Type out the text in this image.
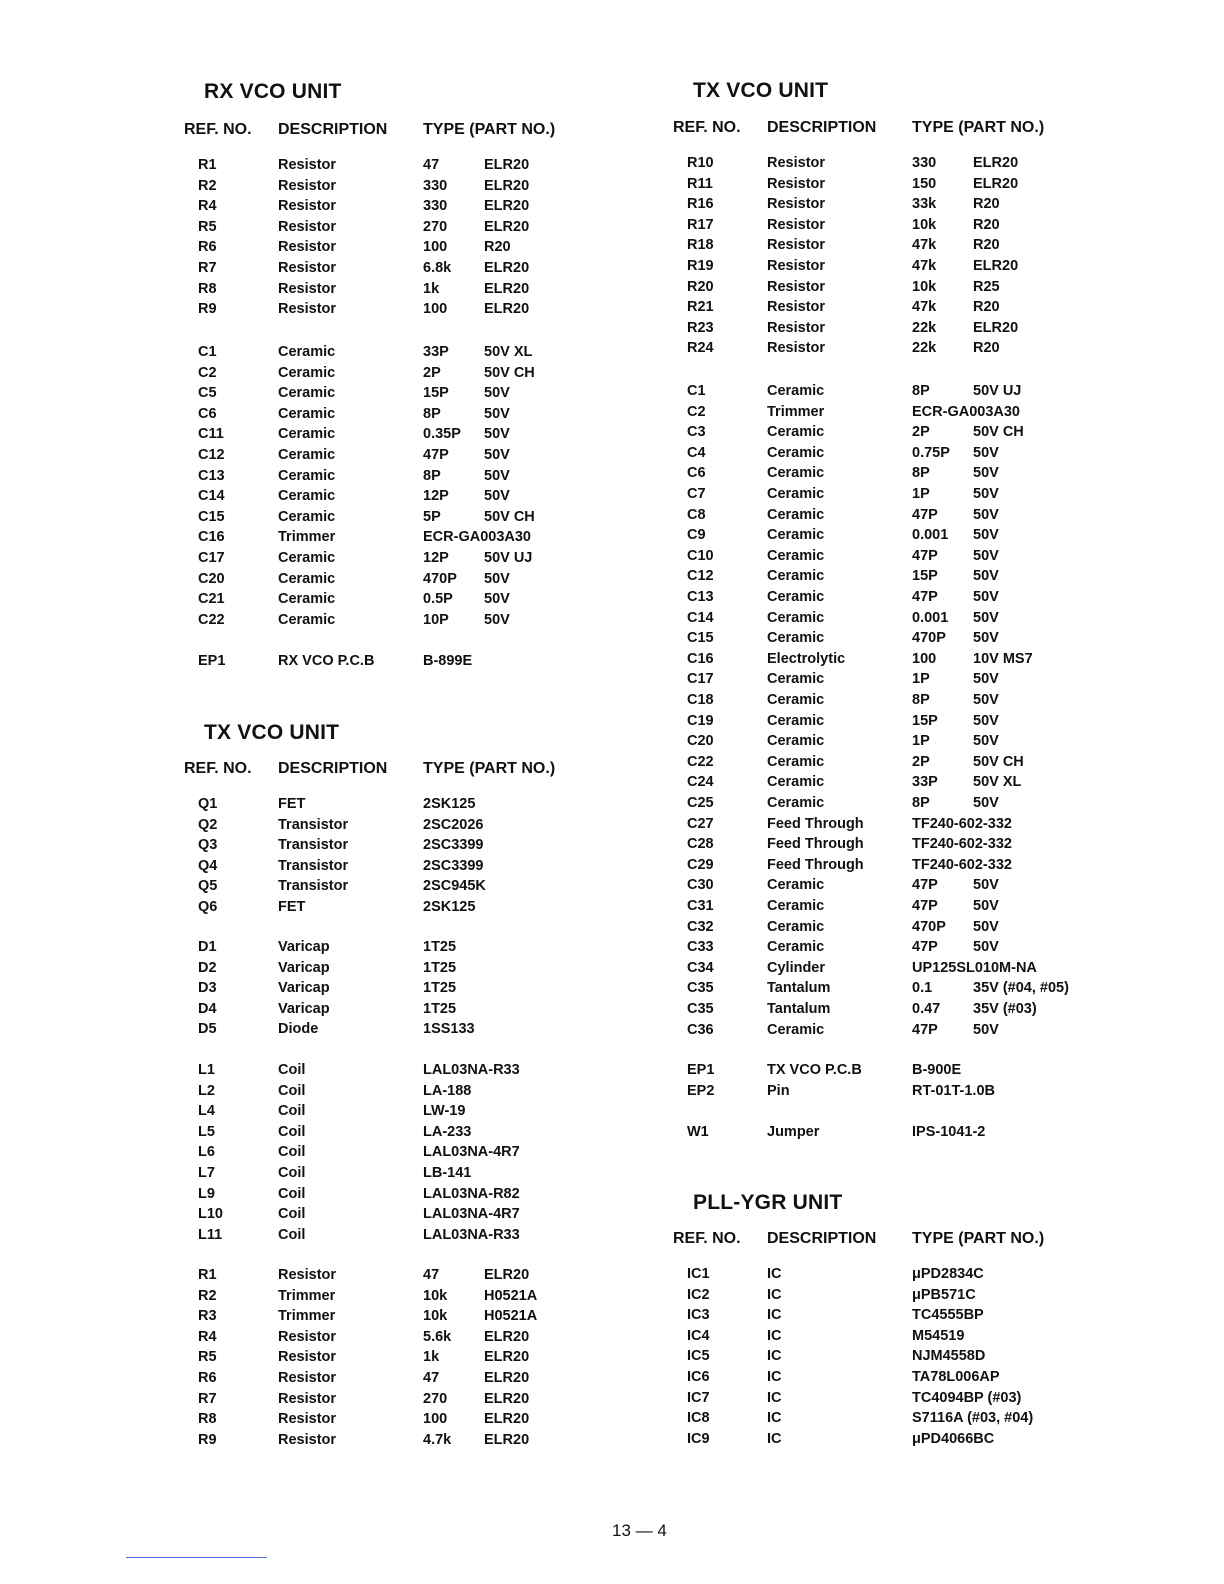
RX VCO UNIT
TX VCO UNIT
TX VCO UNIT
PLL-YGR UNIT
REF. NO. DESCRIPTION TYPE (PART NO.)
REF. NO. DESCRIPTION TYPE (PART NO.)
REF. NO. DESCRIPTION TYPE (PART NO.)
REF. NO. DESCRIPTION TYPE (PART NO.)
R1	Resistor	47	ELR20
R2	Resistor	330	ELR20
R4	Resistor	330	ELR20
R5	Resistor	270	ELR20
R6	Resistor	100	R20
R7	Resistor	6.8k ELR20
R8	Resistor	1k	ELR20
R9	Resistor	100	ELR20
C1	Ceramic	33P 50V XL
C2	Ceramic	2P	50V CH
C5	Ceramic	15P 50V
C6	Ceramic	8P	50V
C11	Ceramic	0.35P 50V
C12	Ceramic	47P 50V
C13	Ceramic	8P	50V
C14	Ceramic	12P 50V
C15	Ceramic	5P	50V CH
C16	Trimmer	ECR-GA003A30
C17	Ceramic	12P 50V UJ
C20	Ceramic	470P 50V
C21	Ceramic	0.5P 50V
C22	Ceramic	10P 50V
EP1	RX VCO P.C.B	B-899E
Q1	FET	2SK125
Q2	Transistor	2SC2026
Q3	Transistor	2SC3399
Q4	Transistor	2SC3399
Q5	Transistor	2SC945K
Q6	FET	2SK125
D1	Varicap	1T25
D2	Varicap	1T25
D3	Varicap	1T25
D4	Varicap	1T25
D5	Diode	1SS133
L1	Coil	LAL03NA-R33
L2	Coil	LA-188
L4	Coil	LW-19
L5	Coil	LA-233
L6	Coil	LAL03NA-4R7
L7	Coil	LB-141
L9	Coil	LAL03NA-R82
L10	Coil	LAL03NA-4R7
L11	Coil	LAL03NA-R33
R1	Resistor	47	ELR20
R2	Trimmer	10k	H0521A
R3	Trimmer	10k	H0521A
R4	Resistor	5.6k ELR20
R5	Resistor	1k	ELR20
R6	Resistor	47	ELR20
R7	Resistor	270	ELR20
R8	Resistor	100	ELR20
R9	Resistor	4.7k ELR20
R10	Resistor	330	ELR20
R11	Resistor	150	ELR20
R16	Resistor	33k	R20
R17	Resistor	10k	R20
R18	Resistor	47k	R20
R19	Resistor	47k	ELR20
R20	Resistor	10k	R25
R21	Resistor	47k	R20
R23	Resistor	22k	ELR20
R24	Resistor	22k	R20
C1	Ceramic	8P	50V UJ
C2	Trimmer	ECR-GA003A30
C3	Ceramic	2P	50V CH
C4	Ceramic	0.75P 50V
C6	Ceramic	8P	50V
C7	Ceramic	1P	50V
C8	Ceramic	47P 50V
C9	Ceramic	0.001 50V
C10	Ceramic	47P 50V
C12	Ceramic	15P 50V
C13	Ceramic	47P 50V
C14	Ceramic	0.001 50V
C15	Ceramic	470P 50V
C16	Electrolytic	100	10V MS7
C17	Ceramic	1P	50V
C18	Ceramic	8P	50V
C19	Ceramic	15P 50V
C20	Ceramic	1P	50V
C22	Ceramic	2P	50V CH
C24	Ceramic	33P 50V XL
C25	Ceramic	8P	50V
C27	Feed Through	TF240-602-332
C28	Feed Through	TF240-602-332
C29	Feed Through	TF240-602-332
C30	Ceramic	47P 50V
C31	Ceramic	47P 50V
C32	Ceramic	470P 50V
C33	Ceramic	47P 50V
C34	Cylinder	UP125SL010M-NA
C35	Tantalum	0.1	35V (#04, #05)
C35	Tantalum	0.47 35V (#03)
C36	Ceramic	47P 50V
EP1	TX VCO P.C.B	B-900E
EP2	Pin	RT-01T-1.0B
W1	Jumper	IPS-1041-2
IC1	IC	μPD2834C
IC2	IC	μPB571C
IC3	IC	TC4555BP
IC4	IC	M54519
IC5	IC	NJM4558D
IC6	IC	TA78L006AP
IC7	IC	TC4094BP (#03)
IC8	IC	S7116A (#03, #04)
IC9	IC	μPD4066BC
13 — 4
